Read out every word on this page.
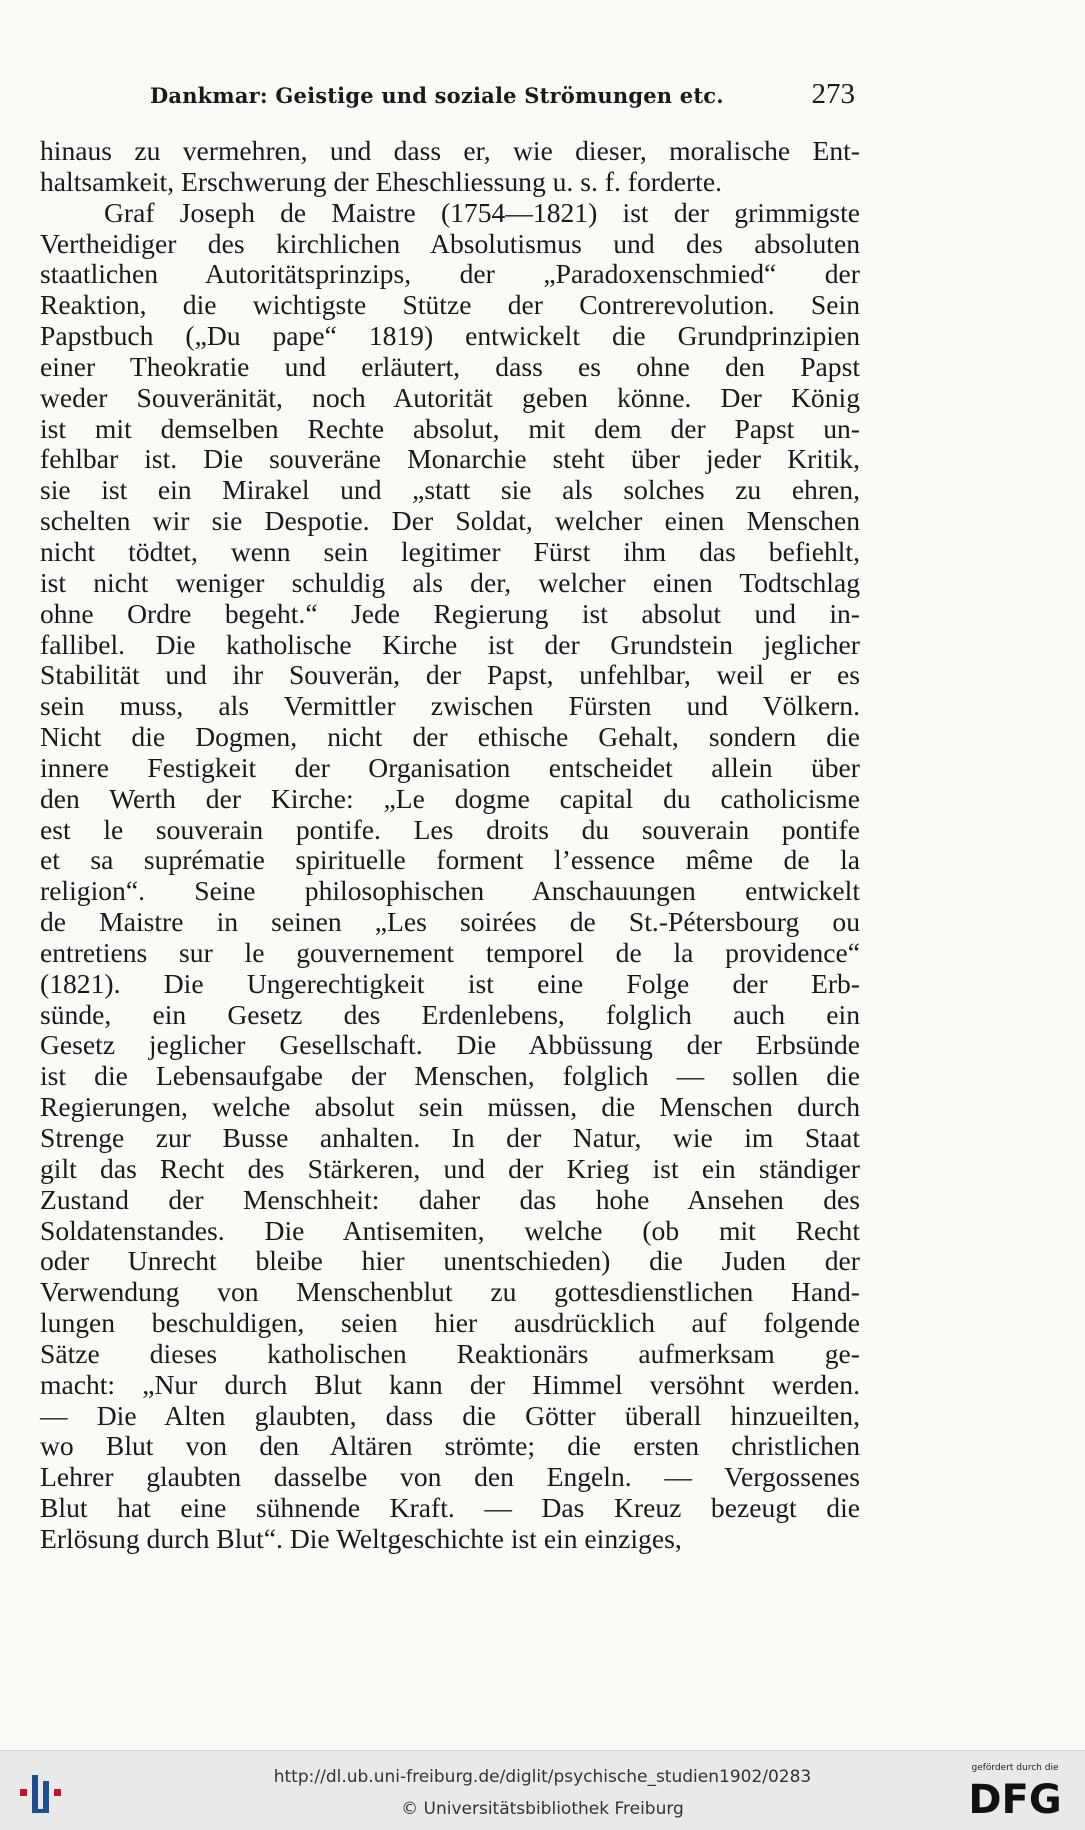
Dankmar: Geistige und soziale Strömungen etc.	273
hinaus zu vermehren, und dass er, wie dieser, moralische Ent-
haltsamkeit, Erschwerung der Eheschliessung u. s. f. forderte.
Graf Joseph de Maistre (1754—1821) ist der grimmigste
Vertheidiger des kirchlichen Absolutismus und des absoluten
staatlichen Autoritätsprinzips, der „Paradoxenschmied“ der
Reaktion, die wichtigste Stütze der Contrerevolution. Sein
Papstbuch („Du pape“ 1819) entwickelt die Grundprinzipien
einer Theokratie und erläutert, dass es ohne den Papst
weder Souveränität, noch Autorität geben könne. Der König
ist mit demselben Rechte absolut, mit dem der Papst un-
fehlbar ist. Die souveräne Monarchie steht über jeder Kritik,
sie ist ein Mirakel und „statt sie als solches zu ehren,
schelten wir sie Despotie. Der Soldat, welcher einen Menschen
nicht tödtet, wenn sein legitimer Fürst ihm das befiehlt,
ist nicht weniger schuldig als der, welcher einen Todtschlag
ohne Ordre begeht.“ Jede Regierung ist absolut und in-
fallibel. Die katholische Kirche ist der Grundstein jeglicher
Stabilität und ihr Souverän, der Papst, unfehlbar, weil er es
sein muss, als Vermittler zwischen Fürsten und Völkern.
Nicht die Dogmen, nicht der ethische Gehalt, sondern die
innere Festigkeit der Organisation entscheidet allein über
den Werth der Kirche: „Le dogme capital du catholicisme
est le souverain pontife. Les droits du souverain pontife
et sa suprématie spirituelle forment l’essence même de la
religion“. Seine philosophischen Anschauungen entwickelt
de Maistre in seinen „Les soirées de St.-Pétersbourg ou
entretiens sur le gouvernement temporel de la providence“
(1821). Die Ungerechtigkeit ist eine Folge der Erb-
sünde, ein Gesetz des Erdenlebens, folglich auch ein
Gesetz jeglicher Gesellschaft. Die Abbüssung der Erbsünde
ist die Lebensaufgabe der Menschen, folglich — sollen die
Regierungen, welche absolut sein müssen, die Menschen durch
Strenge zur Busse anhalten. In der Natur, wie im Staat
gilt das Recht des Stärkeren, und der Krieg ist ein ständiger
Zustand der Menschheit: daher das hohe Ansehen des
Soldatenstandes. Die Antisemiten, welche (ob mit Recht
oder Unrecht bleibe hier unentschieden) die Juden der
Verwendung von Menschenblut zu gottesdienstlichen Hand-
lungen beschuldigen, seien hier ausdrücklich auf folgende
Sätze dieses katholischen Reaktionärs aufmerksam ge-
macht: „Nur durch Blut kann der Himmel versöhnt werden.
— Die Alten glaubten, dass die Götter überall hinzueilten,
wo Blut von den Altären strömte; die ersten christlichen
Lehrer glaubten dasselbe von den Engeln. — Vergossenes
Blut hat eine sühnende Kraft. — Das Kreuz bezeugt die
Erlösung durch Blut“. Die Weltgeschichte ist ein einziges,
http://dl.ub.uni-freiburg.de/diglit/psychische_studien1902/0283
© Universitätsbibliothek Freiburg
gefördert durch die
DFG
